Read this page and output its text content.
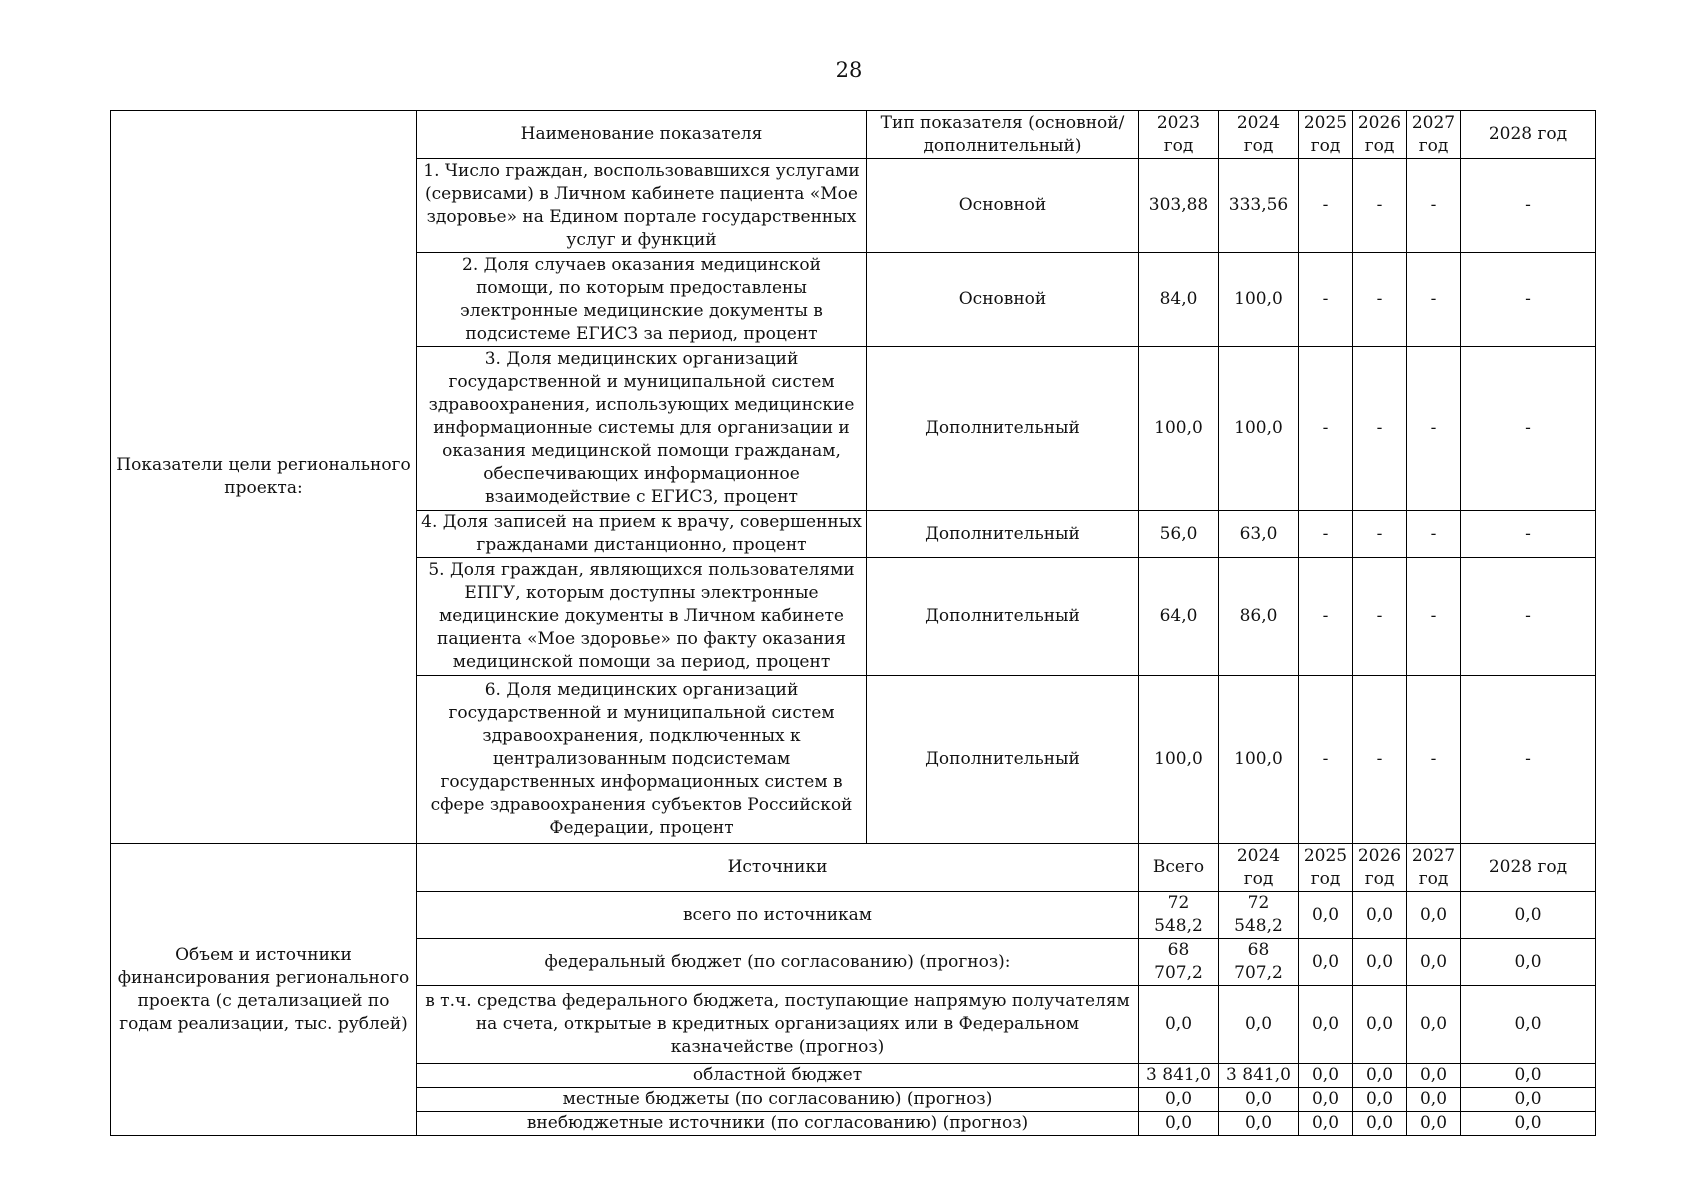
28
Показатели цели регионального проекта:	Наименование показателя	Тип показателя (основной/дополнительный)	2023 год	2024 год	2025 год	2026 год	2027 год	2028 год
	1. Число граждан, воспользовавшихся услугами (сервисами) в Личном кабинете пациента «Мое здоровье» на Едином портале государственных услуг и функций	Основной	303,88	333,56	-	-	-	-
	2. Доля случаев оказания медицинской помощи, по которым предоставлены электронные медицинские документы в подсистеме ЕГИСЗ за период, процент	Основной	84,0	100,0	-	-	-	-
	3. Доля медицинских организаций государственной и муниципальной систем здравоохранения, использующих медицинские информационные системы для организации и оказания медицинской помощи гражданам, обеспечивающих информационное взаимодействие с ЕГИСЗ, процент	Дополнительный	100,0	100,0	-	-	-	-
	4. Доля записей на прием к врачу, совершенных гражданами дистанционно, процент	Дополнительный	56,0	63,0	-	-	-	-
	5. Доля граждан, являющихся пользователями ЕПГУ, которым доступны электронные медицинские документы в Личном кабинете пациента «Мое здоровье» по факту оказания медицинской помощи за период, процент	Дополнительный	64,0	86,0	-	-	-	-
	6. Доля медицинских организаций государственной и муниципальной систем здравоохранения, подключенных к централизованным подсистемам государственных информационных систем в сфере здравоохранения субъектов Российской Федерации, процент	Дополнительный	100,0	100,0	-	-	-	-
Объем и источники финансирования регионального проекта (с детализацией по годам реализации, тыс. рублей)	Источники		Всего	2024 год	2025 год	2026 год	2027 год	2028 год
	всего по источникам		72 548,2	72 548,2	0,0	0,0	0,0	0,0
	федеральный бюджет (по согласованию) (прогноз):		68 707,2	68 707,2	0,0	0,0	0,0	0,0
	в т.ч. средства федерального бюджета, поступающие напрямую получателям на счета, открытые в кредитных организациях или в Федеральном казначействе (прогноз)		0,0	0,0	0,0	0,0	0,0	0,0
	областной бюджет		3 841,0	3 841,0	0,0	0,0	0,0	0,0
	местные бюджеты (по согласованию) (прогноз)		0,0	0,0	0,0	0,0	0,0	0,0
	внебюджетные источники (по согласованию) (прогноз)		0,0	0,0	0,0	0,0	0,0	0,0
